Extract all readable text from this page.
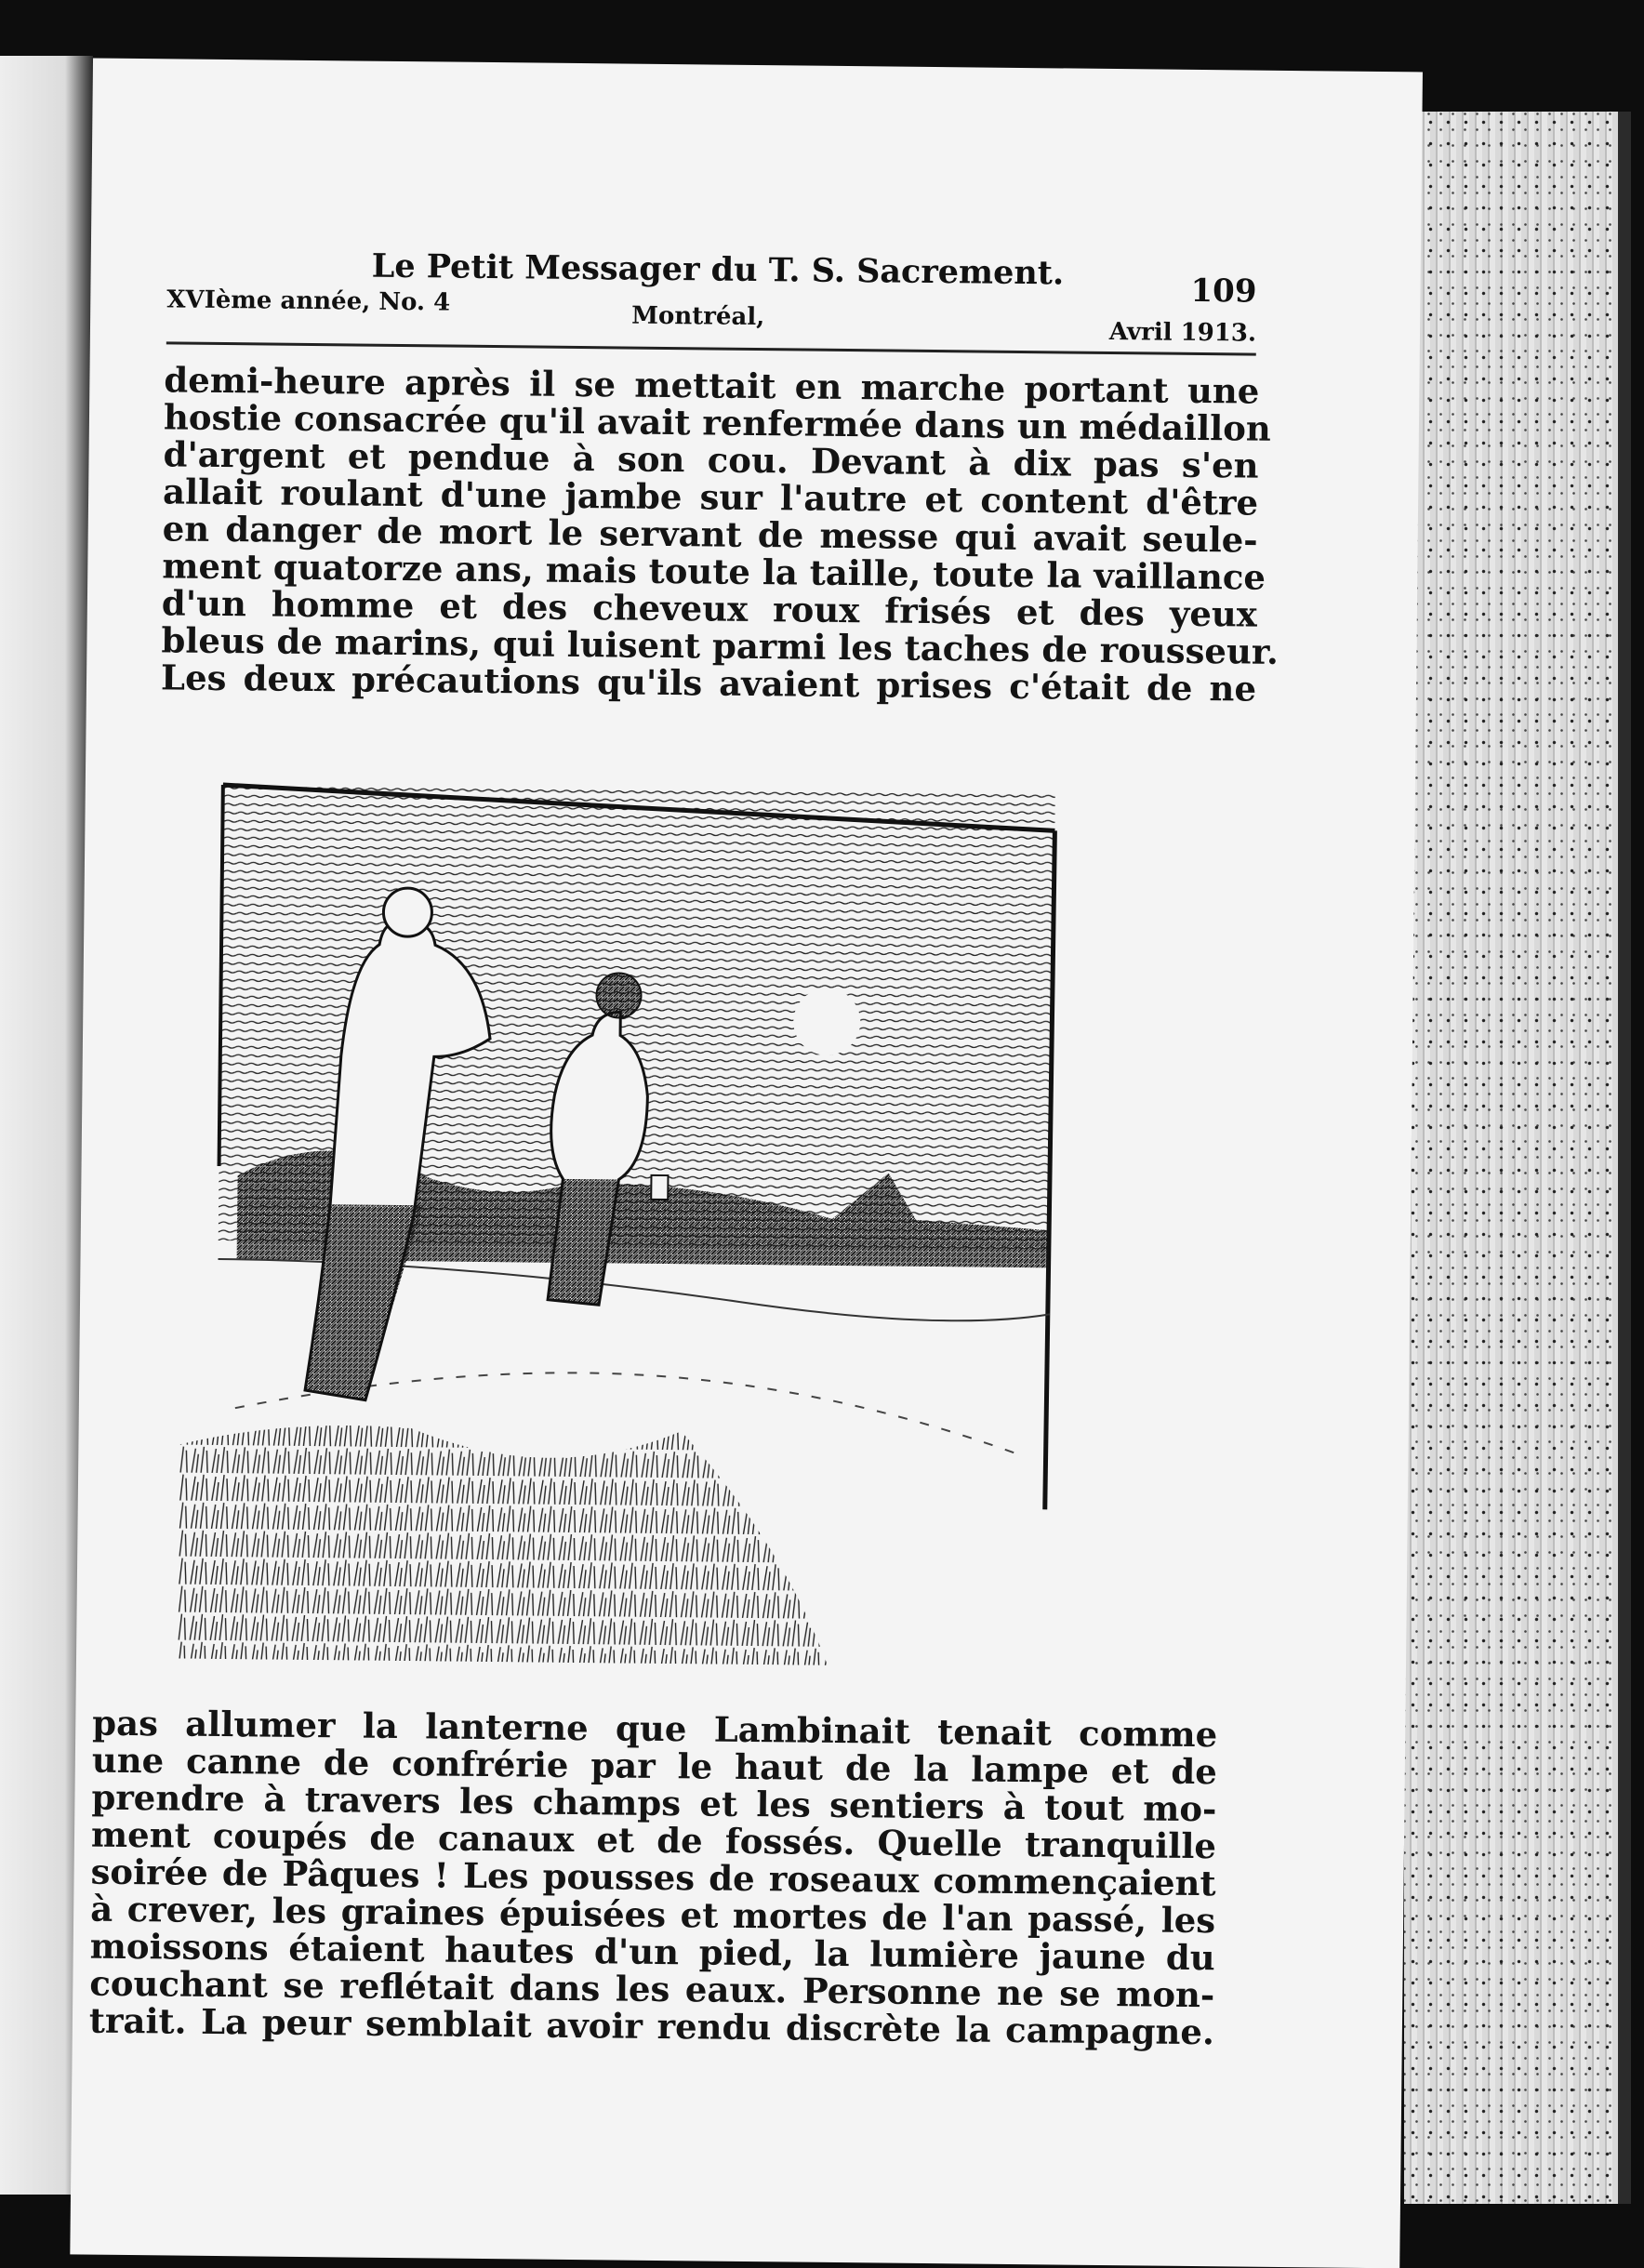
Le Petit Messager du T. S. Sacrement.	109
XVIème année, No. 4	Montréal,
Avril 1913.
demi-heure après il se mettait en marche portant une
hostie consacrée qu'il avait renfermée dans un médaillon
d'argent et pendue à son cou. Devant à dix pas s'en
allait roulant d'une jambe sur l'autre et content d'être
en danger de mort le servant de messe qui avait seule-
ment quatorze ans, mais toute la taille, toute la vaillance
d'un homme et des cheveux roux frisés et des yeux
bleus de marins, qui luisent parmi les taches de rousseur.
Les deux précautions qu'ils avaient prises c'était de ne
pas allumer la lanterne que Lambinait tenait comme
une canne de confrérie par le haut de la lampe et de
prendre à travers les champs et les sentiers à tout mo-
ment coupés de canaux et de fossés. Quelle tranquille
soirée de Pâques ! Les pousses de roseaux commençaient
à crever, les graines épuisées et mortes de l'an passé, les
moissons étaient hautes d'un pied, la lumière jaune du
couchant se reflétait dans les eaux. Personne ne se mon-
trait. La peur semblait avoir rendu discrète la campagne.
